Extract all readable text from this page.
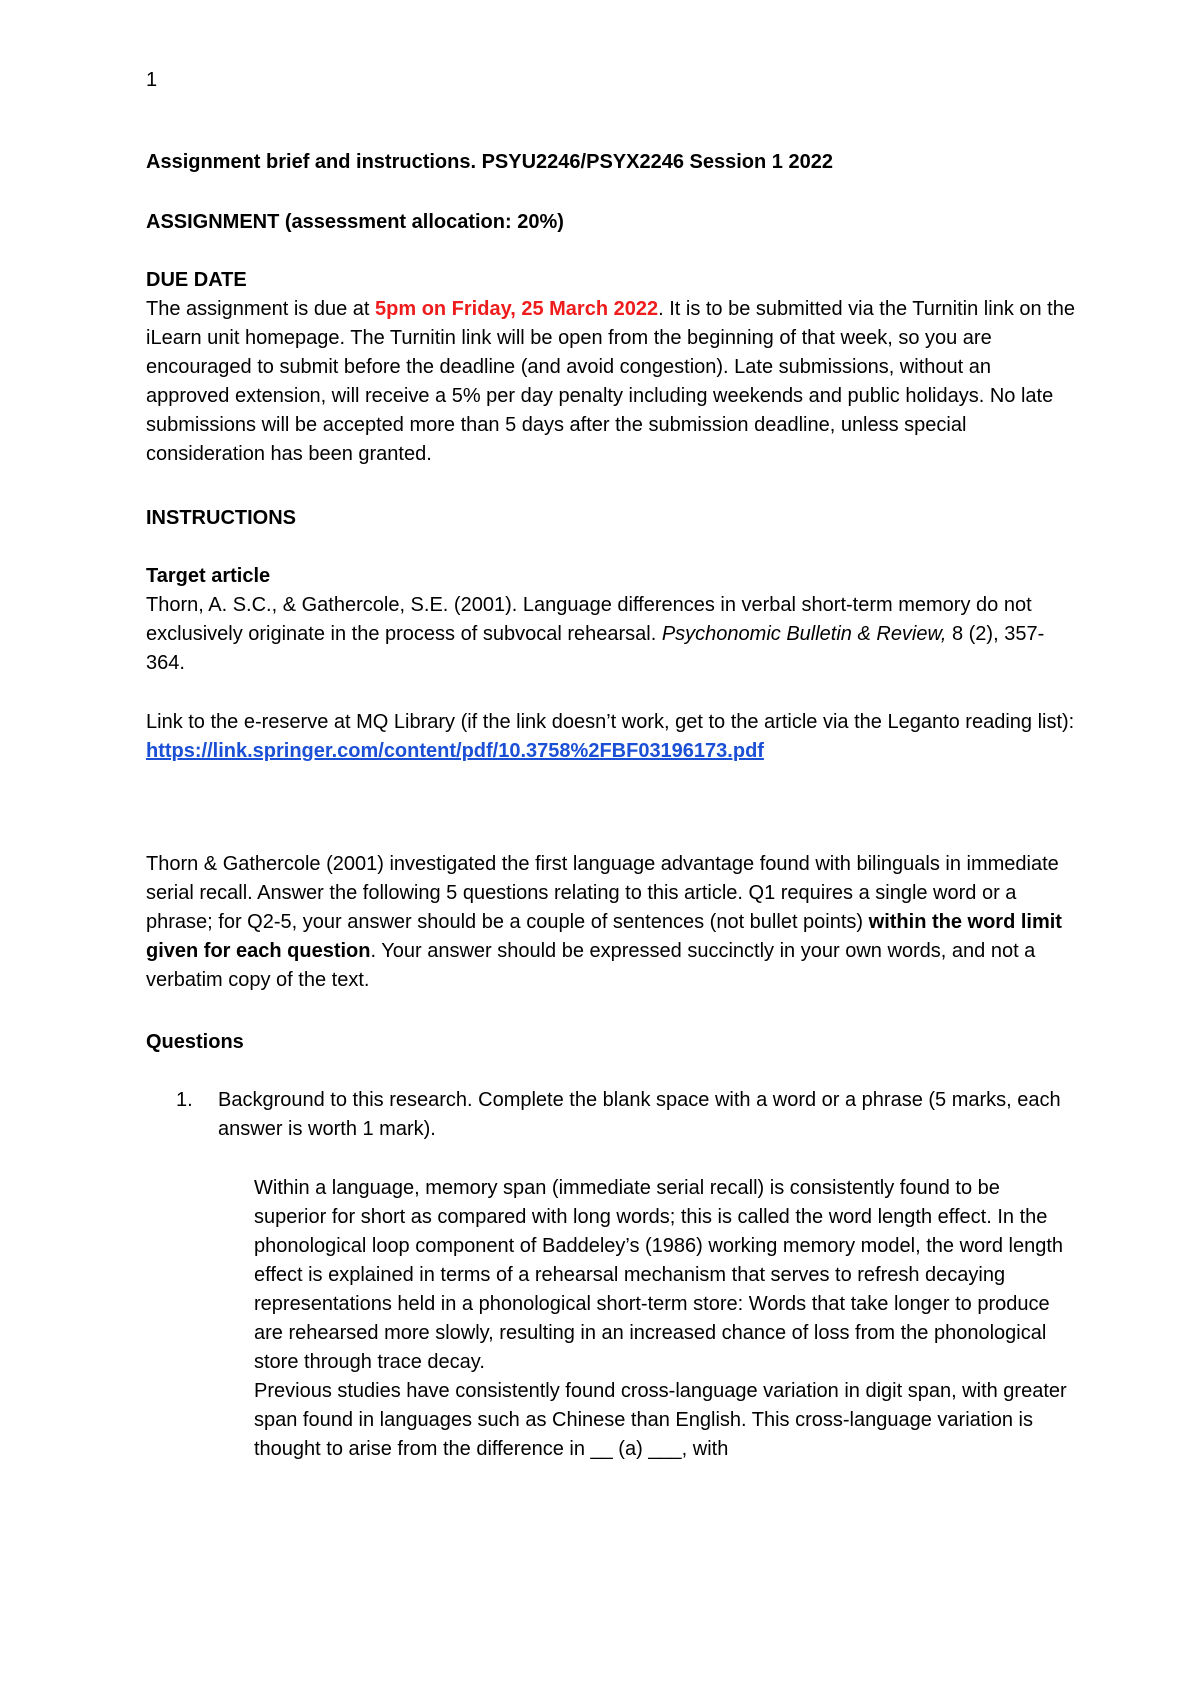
1

Assignment brief and instructions. PSYU2246/PSYX2246 Session 1 2022

ASSIGNMENT (assessment allocation: 20%)

DUE DATE

The assignment is due at 5pm on Friday, 25 March 2022. It is to be submitted via the Turnitin link on the iLearn unit homepage. The Turnitin link will be open from the beginning of that week, so you are encouraged to submit before the deadline (and avoid congestion). Late submissions, without an approved extension, will receive a 5% per day penalty including weekends and public holidays. No late submissions will be accepted more than 5 days after the submission deadline, unless special consideration has been granted.

INSTRUCTIONS

Target article

Thorn, A. S.C., & Gathercole, S.E. (2001). Language differences in verbal short-term memory do not exclusively originate in the process of subvocal rehearsal. Psychonomic Bulletin & Review, 8 (2), 357-364.

Link to the e-reserve at MQ Library (if the link doesn’t work, get to the article via the Leganto reading list):
https://link.springer.com/content/pdf/10.3758%2FBF03196173.pdf

Thorn & Gathercole (2001) investigated the first language advantage found with bilinguals in immediate serial recall. Answer the following 5 questions relating to this article. Q1 requires a single word or a phrase; for Q2-5, your answer should be a couple of sentences (not bullet points) within the word limit given for each question. Your answer should be expressed succinctly in your own words, and not a verbatim copy of the text.

Questions

1. Background to this research. Complete the blank space with a word or a phrase (5 marks, each answer is worth 1 mark).

Within a language, memory span (immediate serial recall) is consistently found to be superior for short as compared with long words; this is called the word length effect. In the phonological loop component of Baddeley’s (1986) working memory model, the word length effect is explained in terms of a rehearsal mechanism that serves to refresh decaying representations held in a phonological short-term store: Words that take longer to produce are rehearsed more slowly, resulting in an increased chance of loss from the phonological store through trace decay.

Previous studies have consistently found cross-language variation in digit span, with greater span found in languages such as Chinese than English. This cross-language variation is thought to arise from the difference in __ (a) ___, with
